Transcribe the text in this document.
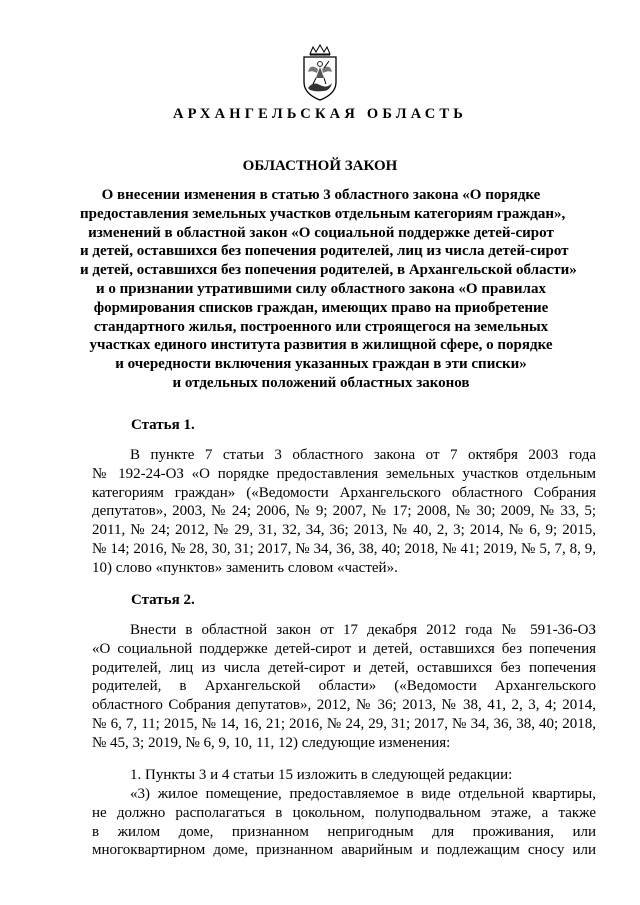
АРХАНГЕЛЬСКАЯ ОБЛАСТЬ
ОБЛАСТНОЙ ЗАКОН
О внесении изменения в статью 3 областного закона «О порядке
предоставления земельных участков отдельным категориям граждан»,
изменений в областной закон «О социальной поддержке детей-сирот
и детей, оставшихся без попечения родителей, лиц из числа детей-сирот
и детей, оставшихся без попечения родителей, в Архангельской области»
и о признании утратившими силу областного закона «О правилах
формирования списков граждан, имеющих право на приобретение
стандартного жилья, построенного или строящегося на земельных
участках единого института развития в жилищной сфере, о порядке
и очередности включения указанных граждан в эти списки»
и отдельных положений областных законов
Статья 1.
В пункте 7 статьи 3 областного закона от 7 октября 2003 года
№ 192-24-ОЗ «О порядке предоставления земельных участков отдельным
категориям граждан» («Ведомости Архангельского областного Собрания
депутатов», 2003, № 24; 2006, № 9; 2007, № 17; 2008, № 30; 2009, № 33, 5;
2011, № 24; 2012, № 29, 31, 32, 34, 36; 2013, № 40, 2, 3; 2014, № 6, 9; 2015,
№ 14; 2016, № 28, 30, 31; 2017, № 34, 36, 38, 40; 2018, № 41; 2019, № 5, 7, 8, 9,
10) слово «пунктов» заменить словом «частей».
Статья 2.
Внести в областной закон от 17 декабря 2012 года № 591-36-ОЗ
«О социальной поддержке детей-сирот и детей, оставшихся без попечения
родителей, лиц из числа детей-сирот и детей, оставшихся без попечения
родителей, в Архангельской области» («Ведомости Архангельского
областного Собрания депутатов», 2012, № 36; 2013, № 38, 41, 2, 3, 4; 2014,
№ 6, 7, 11; 2015, № 14, 16, 21; 2016, № 24, 29, 31; 2017, № 34, 36, 38, 40; 2018,
№ 45, 3; 2019, № 6, 9, 10, 11, 12) следующие изменения:
1. Пункты 3 и 4 статьи 15 изложить в следующей редакции:
«3) жилое помещение, предоставляемое в виде отдельной квартиры,
не должно располагаться в цокольном, полуподвальном этаже, а также
в жилом доме, признанном непригодным для проживания, или
многоквартирном доме, признанном аварийным и подлежащим сносу или
